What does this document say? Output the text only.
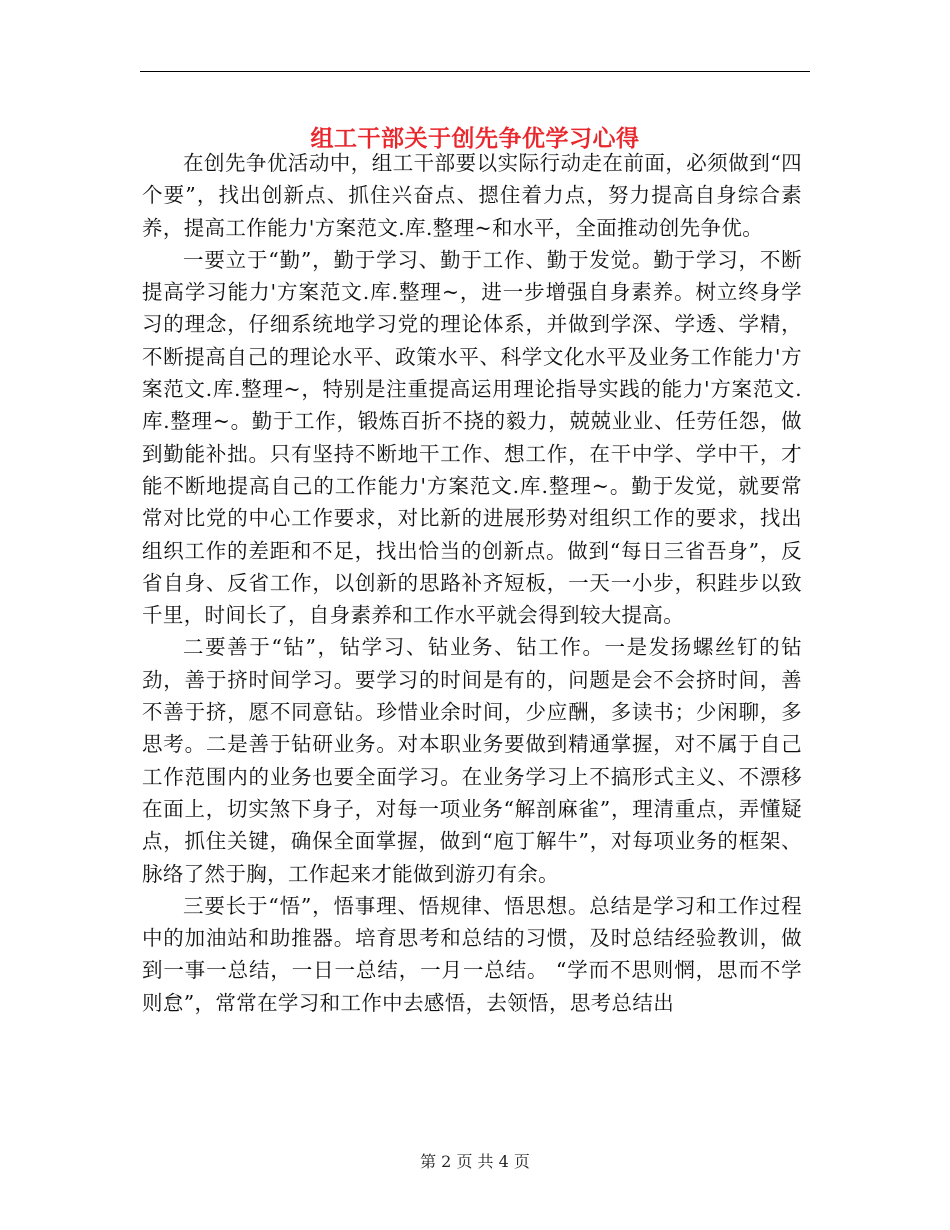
组工干部关于创先争优学习心得

在创先争优活动中，组工干部要以实际行动走在前面，必须做到“四个要”，找出创新点、抓住兴奋点、摁住着力点，努力提高自身综合素养，提高工作能力'方案范文.库.整理~和水平，全面推动创先争优。

一要立于“勤”，勤于学习、勤于工作、勤于发觉。勤于学习，不断提高学习能力'方案范文.库.整理~，进一步增强自身素养。树立终身学习的理念，仔细系统地学习党的理论体系，并做到学深、学透、学精，不断提高自己的理论水平、政策水平、科学文化水平及业务工作能力'方案范文.库.整理~，特别是注重提高运用理论指导实践的能力'方案范文.库.整理~。勤于工作，锻炼百折不挠的毅力，兢兢业业、任劳任怨，做到勤能补拙。只有坚持不断地干工作、想工作，在干中学、学中干，才能不断地提高自己的工作能力'方案范文.库.整理~。勤于发觉，就要常常对比党的中心工作要求，对比新的进展形势对组织工作的要求，找出组织工作的差距和不足，找出恰当的创新点。做到“每日三省吾身”，反省自身、反省工作，以创新的思路补齐短板，一天一小步，积跬步以致千里，时间长了，自身素养和工作水平就会得到较大提高。

二要善于“钻”，钻学习、钻业务、钻工作。一是发扬螺丝钉的钻劲，善于挤时间学习。要学习的时间是有的，问题是会不会挤时间，善不善于挤，愿不同意钻。珍惜业余时间，少应酬，多读书；少闲聊，多思考。二是善于钻研业务。对本职业务要做到精通掌握，对不属于自己工作范围内的业务也要全面学习。在业务学习上不搞形式主义、不漂移在面上，切实煞下身子，对每一项业务“解剖麻雀”，理清重点，弄懂疑点，抓住关键，确保全面掌握，做到“庖丁解牛”，对每项业务的框架、脉络了然于胸，工作起来才能做到游刃有余。

三要长于“悟”，悟事理、悟规律、悟思想。总结是学习和工作过程中的加油站和助推器。培育思考和总结的习惯，及时总结经验教训，做到一事一总结，一日一总结，一月一总结。 “学而不思则惘，思而不学则怠”，常常在学习和工作中去感悟，去领悟，思考总结出

第 2 页 共 4 页
